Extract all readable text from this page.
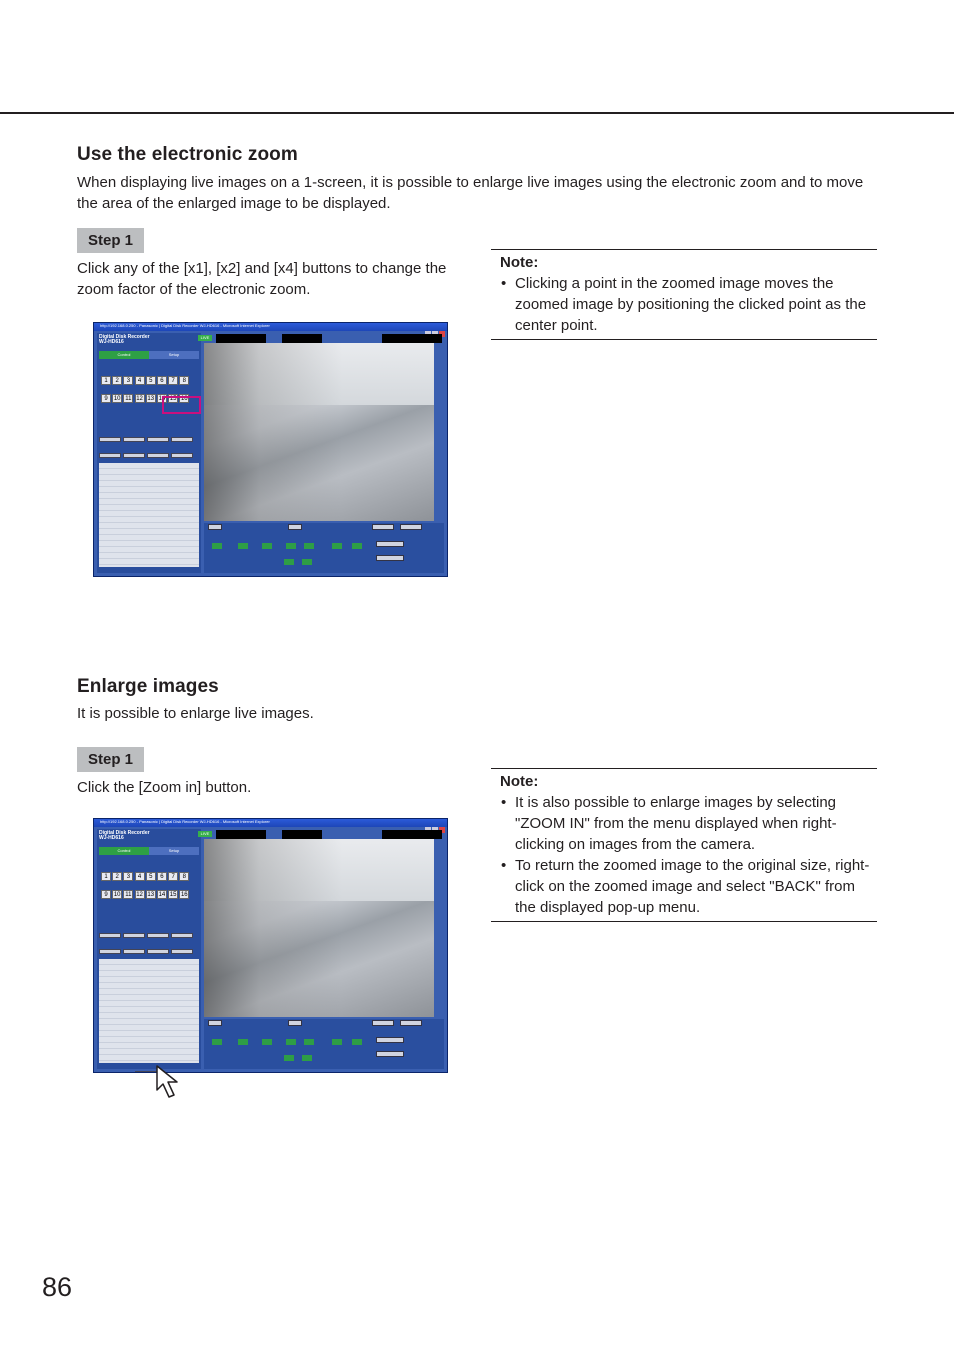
Use the electronic zoom

When displaying live images on a 1-screen, it is possible to enlarge live images using the electronic zoom and to move the area of the enlarged image to be displayed.

Step 1

Click any of the [x1], [x2] and [x4] buttons to change the zoom factor of the electronic zoom.

Note:
• Clicking a point in the zoomed image moves the zoomed image by positioning the clicked point as the center point.
http://192.168.0.250 - Panasonic | Digital Disk Recorder WJ-HD616 - Microsoft Internet Explorer
Digital Disk Recorder
WJ-HD616
Control	Setup
1 2 3 4 5 6 7 89 10 11 12 13 14 15 16
LIVE
Enlarge images

It is possible to enlarge live images.

Step 1

Click the [Zoom in] button.	Note:
• It is also possible to enlarge images by selecting "ZOOM IN" from the menu displayed when right-clicking on images from the camera.
• To return the zoomed image to the original size, right-click on the zoomed image and select "BACK" from the displayed pop-up menu.
http://192.168.0.250 - Panasonic | Digital Disk Recorder WJ-HD616 - Microsoft Internet Explorer
Digital Disk Recorder
WJ-HD616
Control	Setup
1 2 3 4 5 6 7 89 10 11 12 13 14 15 16
LIVE
86
